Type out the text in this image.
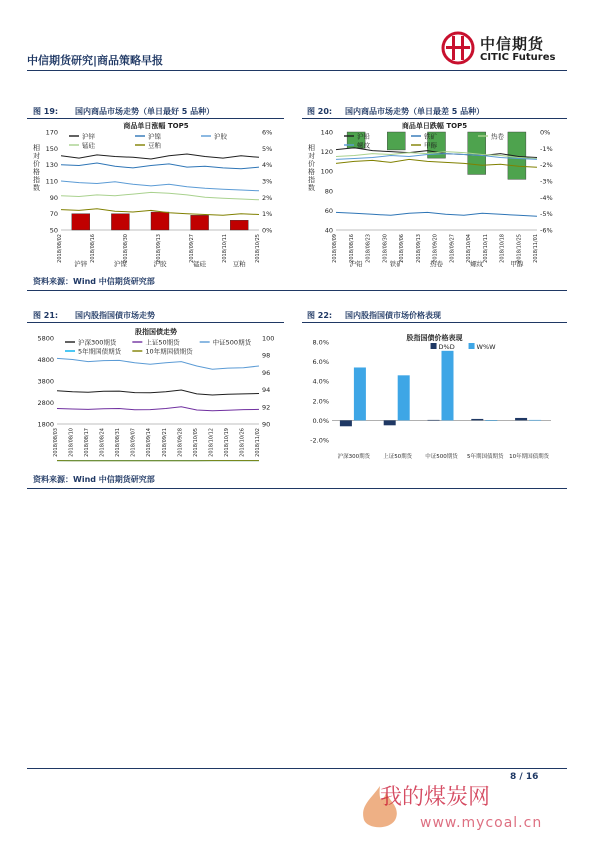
中信期货研究|商品策略早报
中信期货
CITIC Futures
图 19: 国内商品市场走势（单日最好 5 品种）
商品单日涨幅 TOP5
170
150
130
110
90
70
50
6%
5%
4%
3%
2%
1%
0%
相
对
价
格
指
数
沪锌	沪镍	沪胶	锰硅	豆粕
2018/08/02	2018/08/16	2018/08/30	2018/09/13	2018/09/27	2018/10/11	2018/10/25
沪锌	沪镍	沪胶
锰硅	豆粕
图 20: 国内商品市场走势（单日最差 5 品种）
商品单日跌幅 TOP5
140
120
100
80
60
40
0%
-1%
-2%
-3%
-4%
-5%
-6%
相
对
价
格
指
数
沪铅	铁矿	热卷	螺纹	甲醇
2018/08/09 2018/08/16 2018/08/23 2018/08/30 2018/09/06 2018/09/13 2018/09/20 2018/09/27 2018/10/04 2018/10/11 2018/10/18 2018/10/25 2018/11/01
沪铅	铁矿	热卷
螺纹	甲醇
资料来源：Wind 中信期货研究部
图 21: 国内股指国债市场走势
股指国债走势
5800
4800
3800
2800
1800
100
98
96
94
92
90
2018/08/03 2018/08/10 2018/08/17 2018/08/24 2018/08/31 2018/09/07 2018/09/14 2018/09/21 2018/09/28 2018/10/05 2018/10/12 2018/10/19 2018/10/26 2018/11/02
沪深300期货	上证50期货	中证500期货
5年期国债期货	10年期国债期货
图 22: 国内股指国债市场价格表现
股指国债价格表现
8.0%
6.0%
4.0%
2.0%
0.0%
-2.0%
沪深300期货 上证50期货 中证500期货 5年期国债期货 10年期国债期货
D%D	W%W
资料来源：Wind 中信期货研究部
8 / 16
我的煤炭网
www.mycoal.cn
